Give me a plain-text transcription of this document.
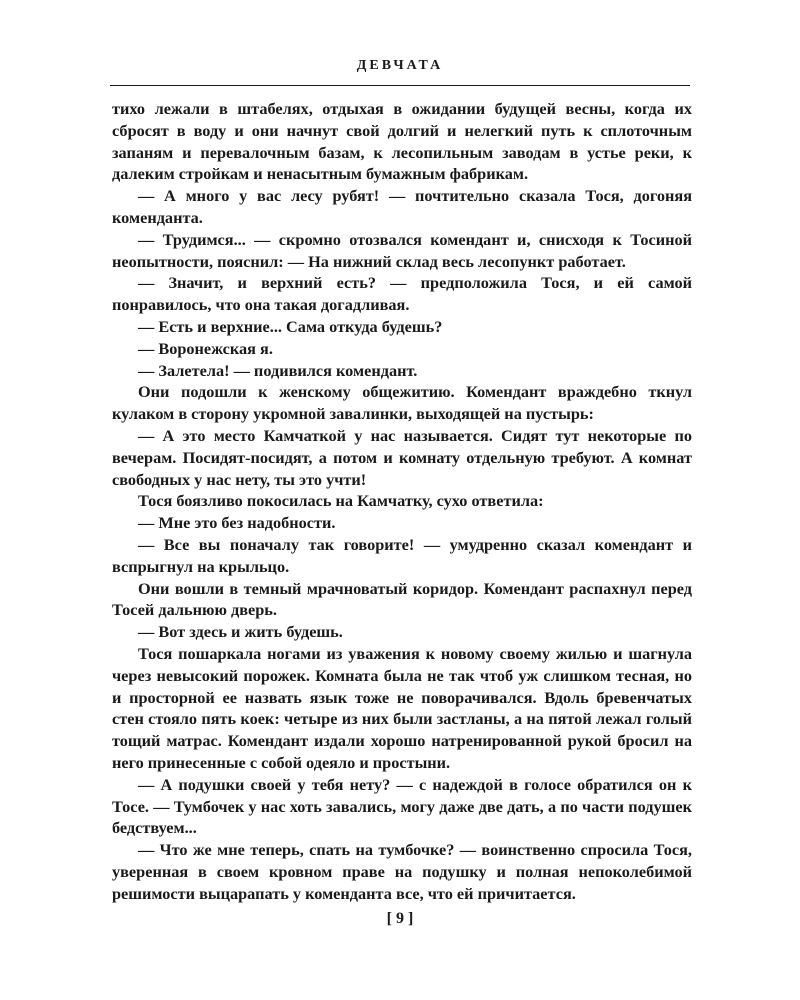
ДЕВЧАТА

тихо лежали в штабелях, отдыхая в ожидании будущей весны, когда их сбросят в воду и они начнут свой долгий и нелегкий путь к сплоточным запаням и перевалочным базам, к лесопильным заводам в устье реки, к далеким стройкам и ненасытным бумажным фабрикам.

— А много у вас лесу рубят! — почтительно сказала Тося, догоняя коменданта.

— Трудимся... — скромно отозвался комендант и, снисходя к Тосиной неопытности, пояснил: — На нижний склад весь лесопункт работает.

— Значит, и верхний есть? — предположила Тося, и ей самой понравилось, что она такая догадливая.

— Есть и верхние... Сама откуда будешь?

— Воронежская я.

— Залетела! — подивился комендант.

Они подошли к женскому общежитию. Комендант враждебно ткнул кулаком в сторону укромной завалинки, выходящей на пустырь:

— А это место Камчаткой у нас называется. Сидят тут некоторые по вечерам. Посидят-посидят, а потом и комнату отдельную требуют. А комнат свободных у нас нету, ты это учти!

Тося боязливо покосилась на Камчатку, сухо ответила:

— Мне это без надобности.

— Все вы поначалу так говорите! — умудренно сказал комендант и вспрыгнул на крыльцо.

Они вошли в темный мрачноватый коридор. Комендант распахнул перед Тосей дальнюю дверь.

— Вот здесь и жить будешь.

Тося пошаркала ногами из уважения к новому своему жилью и шагнула через невысокий порожек. Комната была не так чтоб уж слишком тесная, но и просторной ее назвать язык тоже не поворачивался. Вдоль бревенчатых стен стояло пять коек: четыре из них были застланы, а на пятой лежал голый тощий матрас. Комендант издали хорошо натренированной рукой бросил на него принесенные с собой одеяло и простыни.

— А подушки своей у тебя нету? — с надеждой в голосе обратился он к Тосе. — Тумбочек у нас хоть завались, могу даже две дать, а по части подушек бедствуем...

— Что же мне теперь, спать на тумбочке? — воинственно спросила Тося, уверенная в своем кровном праве на подушку и полная непоколебимой решимости выцарапать у коменданта все, что ей причитается.

[ 9 ]
